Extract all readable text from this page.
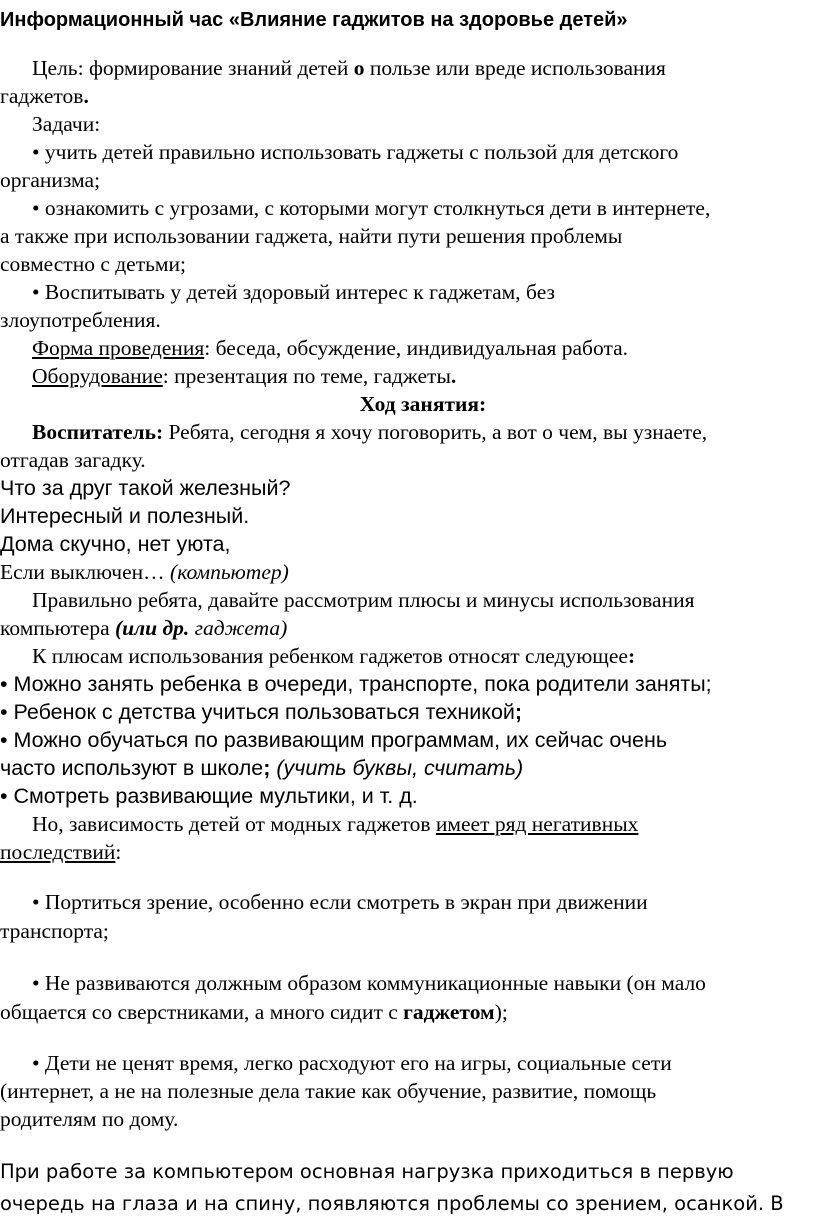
Информационный час «Влияние гаджитов на здоровье детей»
Цель: формирование знаний детей о пользе или вреде использования
гаджетов.
Задачи:
• учить детей правильно использовать гаджеты с пользой для детского
организма;
• ознакомить с угрозами, с которыми могут столкнуться дети в интернете,
а также при использовании гаджета, найти пути решения проблемы
совместно с детьми;
• Воспитывать у детей здоровый интерес к гаджетам, без
злоупотребления.
Форма проведения: беседа, обсуждение, индивидуальная работа.
Оборудование: презентация по теме, гаджеты.
Ход занятия:
Воспитатель: Ребята, сегодня я хочу поговорить, а вот о чем, вы узнаете,
отгадав загадку.
Что за друг такой железный?
Интересный и полезный.
Дома скучно, нет уюта,
Если выключен… (компьютер)
Правильно ребята, давайте рассмотрим плюсы и минусы использования
компьютера (или др. гаджета)
К плюсам использования ребенком гаджетов относят следующее:
• Можно занять ребенка в очереди, транспорте, пока родители заняты;
• Ребенок с детства учиться пользоваться техникой;
• Можно обучаться по развивающим программам, их сейчас очень
часто используют в школе; (учить буквы, считать)
• Смотреть развивающие мультики, и т. д.
Но, зависимость детей от модных гаджетов имеет ряд негативных
последствий:
• Портиться зрение, особенно если смотреть в экран при движении
транспорта;
• Не развиваются должным образом коммуникационные навыки (он мало
общается со сверстниками, а много сидит с гаджетом);
• Дети не ценят время, легко расходуют его на игры, социальные сети
(интернет, а не на полезные дела такие как обучение, развитие, помощь
родителям по дому.
При работе за компьютером основная нагрузка приходиться в первую
очередь на глаза и на спину, появляются проблемы со зрением, осанкой. В
